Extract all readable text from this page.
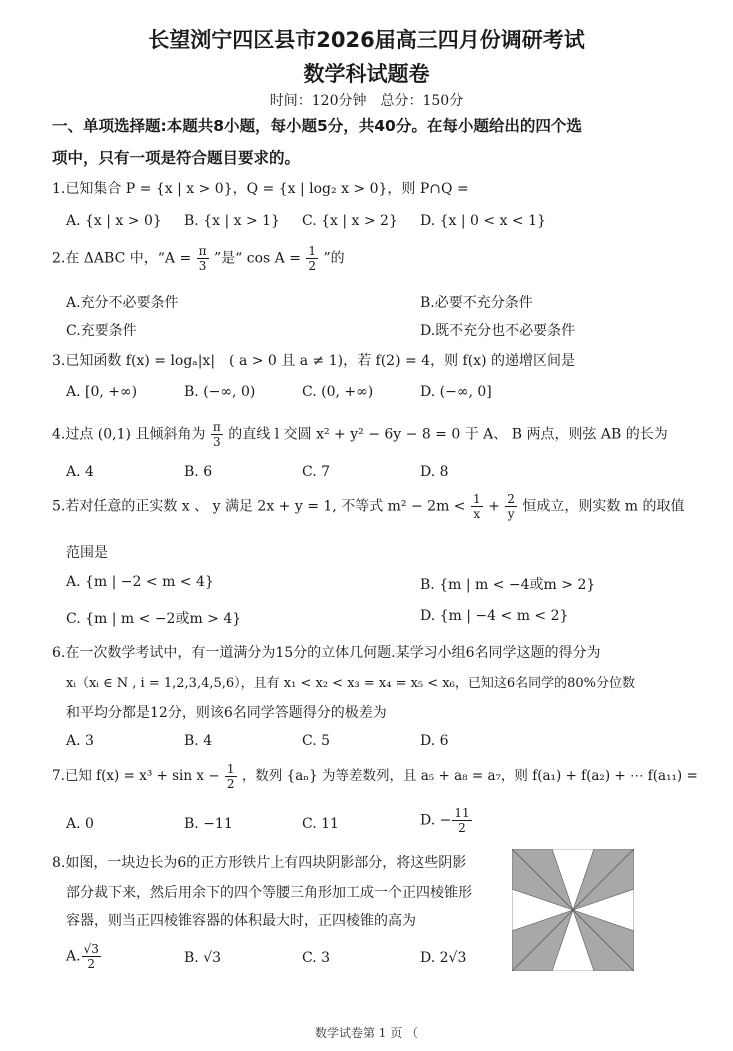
长望浏宁四区县市2026届高三四月份调研考试
数学科试题卷
时间：120分钟　总分：150分
一、单项选择题:本题共8小题，每小题5分，共40分。在每小题给出的四个选
项中，只有一项是符合题目要求的。
1.已知集合 P = {x | x > 0}，Q = {x | log₂ x > 0}，则 P∩Q =
A. {x | x > 0} B. {x | x > 1} C. {x | x > 2} D. {x | 0 < x < 1}
2.在 ΔABC 中，“$A = \frac{\pi}{3}$ ”是“ $\cos A = \frac{1}{2}$ ”的
A.充分不必要条件	B.必要不充分条件
C.充要条件	D.既不充分也不必要条件
3.已知函数 f(x) = logₐ|x|　( a > 0 且 a ≠ 1)，若 f(2) = 4，则 f(x) 的递增区间是
A. [0, +∞)	B. (−∞, 0)	C. (0, +∞)	D. (−∞, 0]
4.过点 (0,1) 且倾斜角为 $\frac{\pi}{3}$ 的直线 l 交圆 x² + y² − 6y − 8 = 0 于 A、 B 两点，则弦 AB 的长为
A. 4	B. 6	C. 7	D. 8
5.若对任意的正实数 x 、 y 满足 2x + y = 1, 不等式 $m^2 - 2m < \frac{1}{x} + \frac{2}{y}$ 恒成立，则实数 m 的取值
范围是
A. {m | −2 < m < 4}	B. {m | m < −4或m > 2}
C. {m | m < −2或m > 4}	D. {m | −4 < m < 2}
6.在一次数学考试中，有一道满分为15分的立体几何题.某学习小组6名同学这题的得分为
xᵢ（xᵢ ∈ N , i = 1,2,3,4,5,6），且有 x₁ < x₂ < x₃ = x₄ = x₅ < x₆，已知这6名同学的80%分位数
和平均分都是12分，则该6名同学答题得分的极差为
A. 3	B. 4	C. 5	D. 6
7.已知 $f(x) = x^3 + \sin x - \frac{1}{2}$ ，数列 {aₙ} 为等差数列，且 a₅ + a₈ = a₇，则 f(a₁) + f(a₂) + ⋯ f(a₁₁) =
A. 0	B. −11	C. 11	D. − $\frac{11}{2}$
8.如图，一块边长为6的正方形铁片上有四块阴影部分，将这些阴影
部分裁下来，然后用余下的四个等腰三角形加工成一个正四棱锥形
容器，则当正四棱锥容器的体积最大时，正四棱锥的高为
A. $\frac{√3}{2}$	B. √3	C. 3	D. 2√3
数学试卷第 1 页 （
